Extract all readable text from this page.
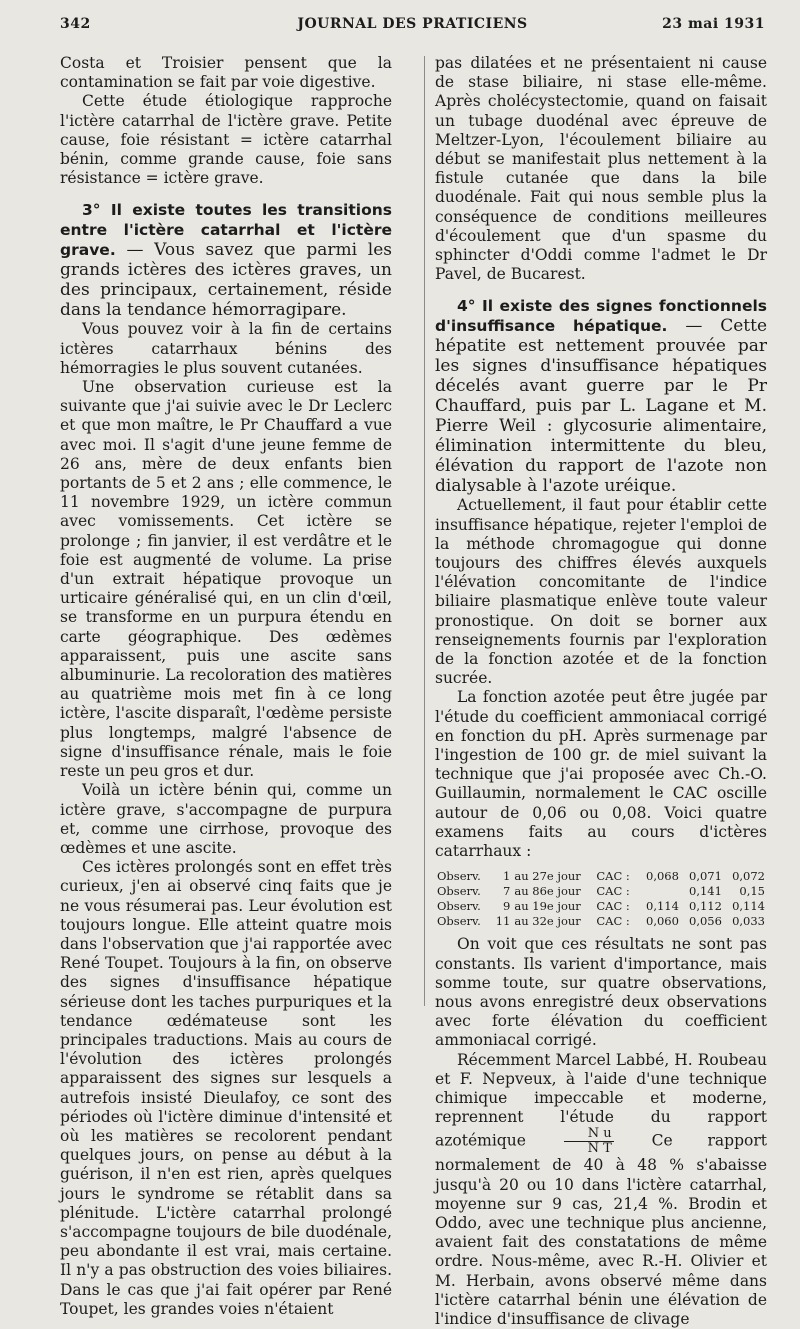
342	JOURNAL DES PRATICIENS	23 mai 1931

Costa et Troisier pensent que la contamination se fait par voie digestive.

Cette étude étiologique rapproche l'ictère catarrhal de l'ictère grave. Petite cause, foie résistant = ictère catarrhal bénin, comme grande cause, foie sans résistance = ictère grave.

3° Il existe toutes les transitions entre l'ictère catarrhal et l'ictère grave. — Vous savez que parmi les grands ictères des ictères graves, un des principaux, certainement, réside dans la tendance hémorragipare.

Vous pouvez voir à la fin de certains ictères catarrhaux bénins des hémorragies le plus souvent cutanées.

Une observation curieuse est la suivante que j'ai suivie avec le Dr Leclerc et que mon maître, le Pr Chauffard a vue avec moi. Il s'agit d'une jeune femme de 26 ans, mère de deux enfants bien portants de 5 et 2 ans ; elle commence, le 11 novembre 1929, un ictère commun avec vomissements. Cet ictère se prolonge ; fin janvier, il est verdâtre et le foie est augmenté de volume. La prise d'un extrait hépatique provoque un urticaire généralisé qui, en un clin d'œil, se transforme en un purpura étendu en carte géographique. Des œdèmes apparaissent, puis une ascite sans albuminurie. La recoloration des matières au quatrième mois met fin à ce long ictère, l'ascite disparaît, l'œdème persiste plus longtemps, malgré l'absence de signe d'insuffisance rénale, mais le foie reste un peu gros et dur.

Voilà un ictère bénin qui, comme un ictère grave, s'accompagne de purpura et, comme une cirrhose, provoque des œdèmes et une ascite.

Ces ictères prolongés sont en effet très curieux, j'en ai observé cinq faits que je ne vous résumerai pas. Leur évolution est toujours longue. Elle atteint quatre mois dans l'observation que j'ai rapportée avec René Toupet. Toujours à la fin, on observe des signes d'insuffisance hépatique sérieuse dont les taches purpuriques et la tendance œdémateuse sont les principales traductions. Mais au cours de l'évolution des ictères prolongés apparaissent des signes sur lesquels a autrefois insisté Dieulafoy, ce sont des périodes où l'ictère diminue d'intensité et où les matières se recolorent pendant quelques jours, on pense au début à la guérison, il n'en est rien, après quelques jours le syndrome se rétablit dans sa plénitude. L'ictère catarrhal prolongé s'accompagne toujours de bile duodénale, peu abondante il est vrai, mais certaine. Il n'y a pas obstruction des voies biliaires. Dans le cas que j'ai fait opérer par René Toupet, les grandes voies n'étaient

pas dilatées et ne présentaient ni cause de stase biliaire, ni stase elle-même. Après cholécystectomie, quand on faisait un tubage duodénal avec épreuve de Meltzer-Lyon, l'écoulement biliaire au début se manifestait plus nettement à la fistule cutanée que dans la bile duodénale. Fait qui nous semble plus la conséquence de conditions meilleures d'écoulement que d'un spasme du sphincter d'Oddi comme l'admet le Dr Pavel, de Bucarest.

4° Il existe des signes fonctionnels d'insuffisance hépatique. — Cette hépatite est nettement prouvée par les signes d'insuffisance hépatiques décelés avant guerre par le Pr Chauffard, puis par L. Lagane et M. Pierre Weil : glycosurie alimentaire, élimination intermittente du bleu, élévation du rapport de l'azote non dialysable à l'azote uréique.

Actuellement, il faut pour établir cette insuffisance hépatique, rejeter l'emploi de la méthode chromagogue qui donne toujours des chiffres élevés auxquels l'élévation concomitante de l'indice biliaire plasmatique enlève toute valeur pronostique. On doit se borner aux renseignements fournis par l'exploration de la fonction azotée et de la fonction sucrée.

La fonction azotée peut être jugée par l'étude du coefficient ammoniacal corrigé en fonction du pH. Après surmenage par l'ingestion de 100 gr. de miel suivant la technique que j'ai proposée avec Ch.-O. Guillaumin, normalement le CAC oscille autour de 0,06 ou 0,08. Voici quatre examens faits au cours d'ictères catarrhaux :

Observ.	1	au 27e jour	CAC :	0,068	0,071	0,072
Observ.	7	au 86e jour	CAC :		0,141	0,15
Observ.	9	au 19e jour	CAC :	0,114	0,112	0,114
Observ.	11	au 32e jour	CAC :	0,060	0,056	0,033

On voit que ces résultats ne sont pas constants. Ils varient d'importance, mais somme toute, sur quatre observations, nous avons enregistré deux observations avec forte élévation du coefficient ammoniacal corrigé.

Récemment Marcel Labbé, H. Roubeau et F. Nepveux, à l'aide d'une technique chimique impeccable et moderne, reprennent l'étude du rapport azotémique	$\frac{\text{N u}}{\text{N T}}$ Ce rapport normalement de 40 à 48 % s'abaisse jusqu'à 20 ou 10 dans l'ictère catarrhal, moyenne sur 9 cas, 21,4 %. Brodin et Oddo, avec une technique plus ancienne, avaient fait des constatations de même ordre. Nous-même, avec R.-H. Olivier et M. Herbain, avons observé même dans l'ictère catarrhal bénin une élévation de l'indice d'insuffisance de clivage
